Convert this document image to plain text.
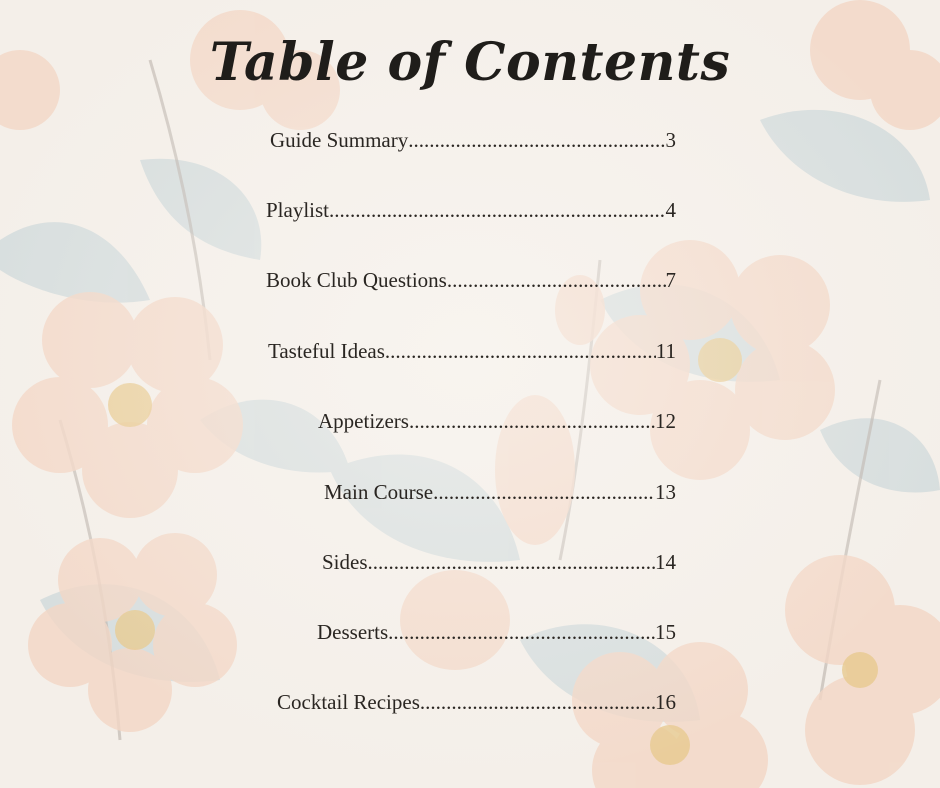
Table of Contents
Guide Summary .....	3
Playlist .....	4
Book Club Questions .....	7
Tasteful Ideas .....	11
Appetizers .....	12
Main Course .....	13
Sides .....	14
Desserts .....	15
Cocktail Recipes .....	16
